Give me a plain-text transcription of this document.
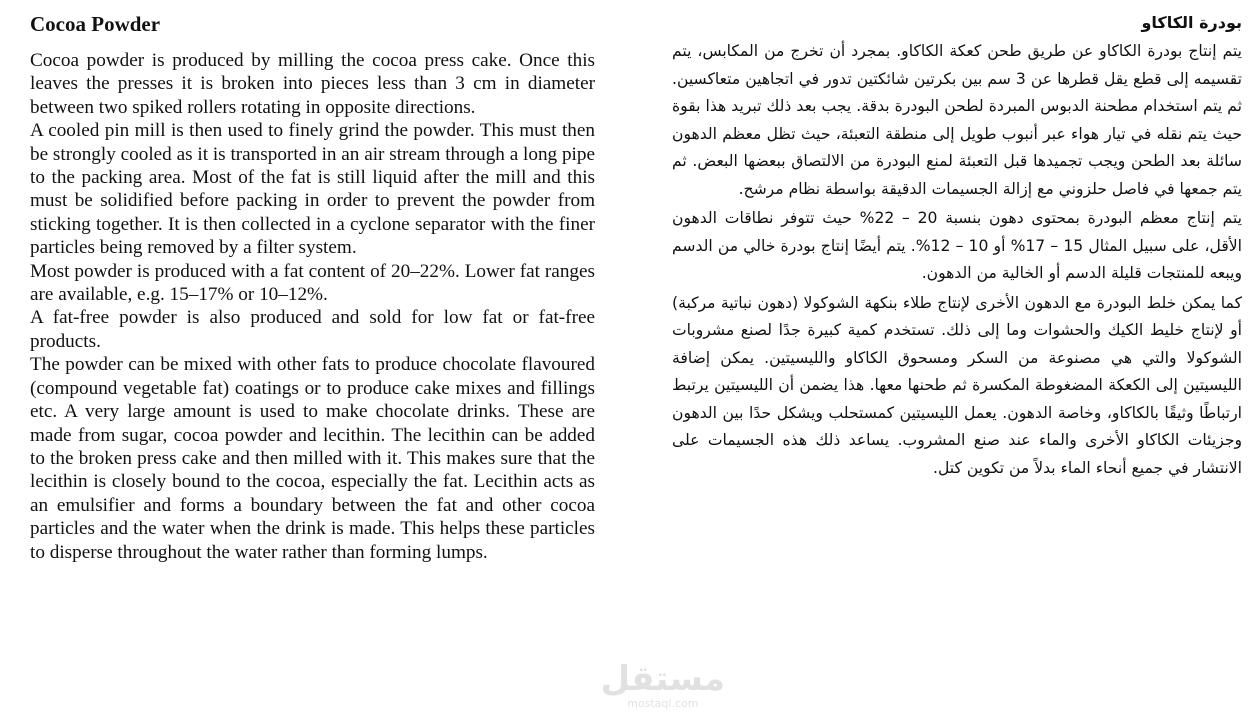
Cocoa Powder

Cocoa powder is produced by milling the cocoa press cake. Once this leaves the presses it is broken into pieces less than 3 cm in diameter between two spiked rollers rotating in opposite directions.

A cooled pin mill is then used to finely grind the powder. This must then be strongly cooled as it is transported in an air stream through a long pipe to the packing area. Most of the fat is still liquid after the mill and this must be solidified before packing in order to prevent the powder from sticking together. It is then collected in a cyclone separator with the finer particles being removed by a filter system.

Most powder is produced with a fat content of 20–22%. Lower fat ranges are available, e.g. 15–17% or 10–12%.

A fat-free powder is also produced and sold for low fat or fat-free products.

The powder can be mixed with other fats to produce chocolate flavoured (compound vegetable fat) coatings or to produce cake mixes and fillings etc. A very large amount is used to make chocolate drinks. These are made from sugar, cocoa powder and lecithin. The lecithin can be added to the broken press cake and then milled with it. This makes sure that the lecithin is closely bound to the cocoa, especially the fat. Lecithin acts as an emulsifier and forms a boundary between the fat and other cocoa particles and the water when the drink is made. This helps these particles to disperse throughout the water rather than forming lumps.

بودرة الكاكاو

يتم إنتاج بودرة الكاكاو عن طريق طحن كعكة الكاكاو. بمجرد أن تخرج من المكابس، يتم تقسيمه إلى قطع يقل قطرها عن 3 سم بين بكرتين شائكتين تدور في اتجاهين متعاكسين. ثم يتم استخدام مطحنة الدبوس المبردة لطحن البودرة بدقة. يجب بعد ذلك تبريد هذا بقوة حيث يتم نقله في تيار هواء عبر أنبوب طويل إلى منطقة التعبئة، حيث تظل معظم الدهون سائلة بعد الطحن ويجب تجميدها قبل التعبئة لمنع البودرة من الالتصاق ببعضها البعض. ثم يتم جمعها في فاصل حلزوني مع إزالة الجسيمات الدقيقة بواسطة نظام مرشح.

يتم إنتاج معظم البودرة بمحتوى دهون بنسبة 20 – 22% حيث تتوفر نطاقات الدهون الأقل، على سبيل المثال 15 – 17% أو 10 – 12%. يتم أيضًا إنتاج بودرة خالي من الدسم ويبعه للمنتجات قليلة الدسم أو الخالية من الدهون.

كما يمكن خلط البودرة مع الدهون الأخرى لإنتاج طلاء بنكهة الشوكولا (دهون نباتية مركبة) أو لإنتاج خليط الكيك والحشوات وما إلى ذلك. تستخدم كمية كبيرة جدًا لصنع مشروبات الشوكولا والتي هي مصنوعة من السكر ومسحوق الكاكاو والليسيتين. يمكن إضافة الليسيتين إلى الكعكة المضغوطة المكسرة ثم طحنها معها. هذا يضمن أن الليسيتين يرتبط ارتباطًا وثيقًا بالكاكاو، وخاصة الدهون. يعمل الليسيتين كمستحلب ويشكل حدًا بين الدهون وجزيئات الكاكاو الأخرى والماء عند صنع المشروب. يساعد ذلك هذه الجسيمات على الانتشار في جميع أنحاء الماء بدلاً من تكوين كتل.

مستقل
mostaql.com
